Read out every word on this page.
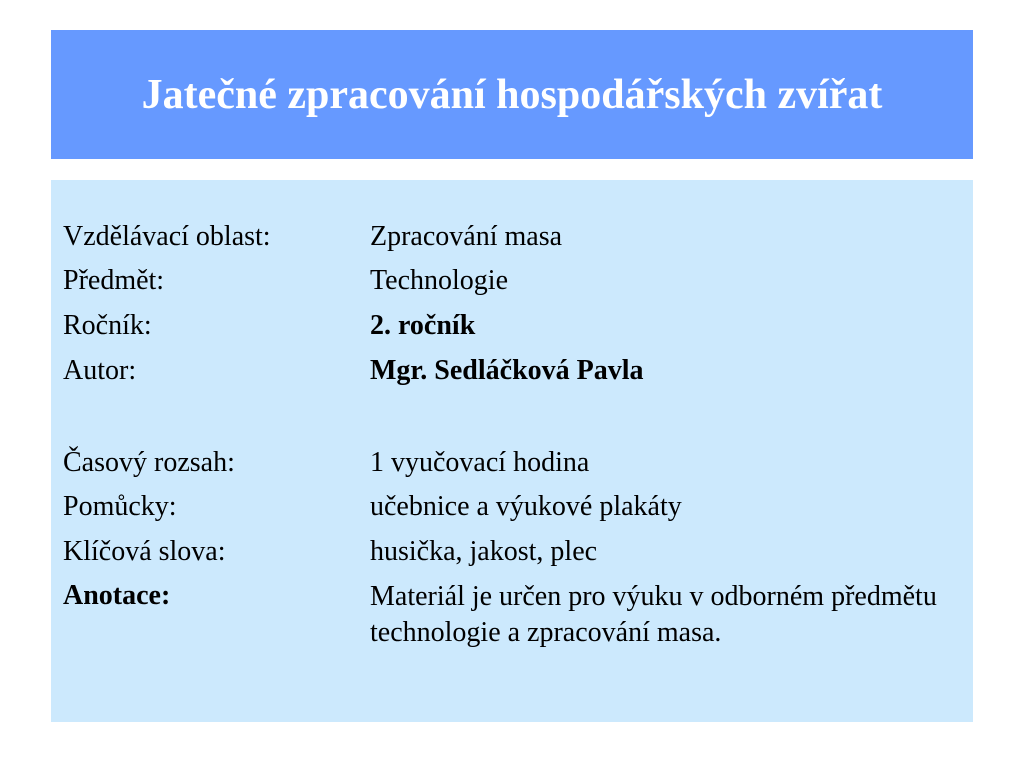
Jatečné zpracování hospodářských zvířat
Vzdělávací oblast:	Zpracování masa
Předmět:	Technologie
Ročník:	2. ročník
Autor:	Mgr. Sedláčková Pavla
Časový rozsah:	1 vyučovací hodina
Pomůcky:	učebnice a výukové plakáty
Klíčová slova:	husička, jakost, plec
Anotace:	Materiál je určen pro výuku v odborném předmětu technologie a zpracování masa.
